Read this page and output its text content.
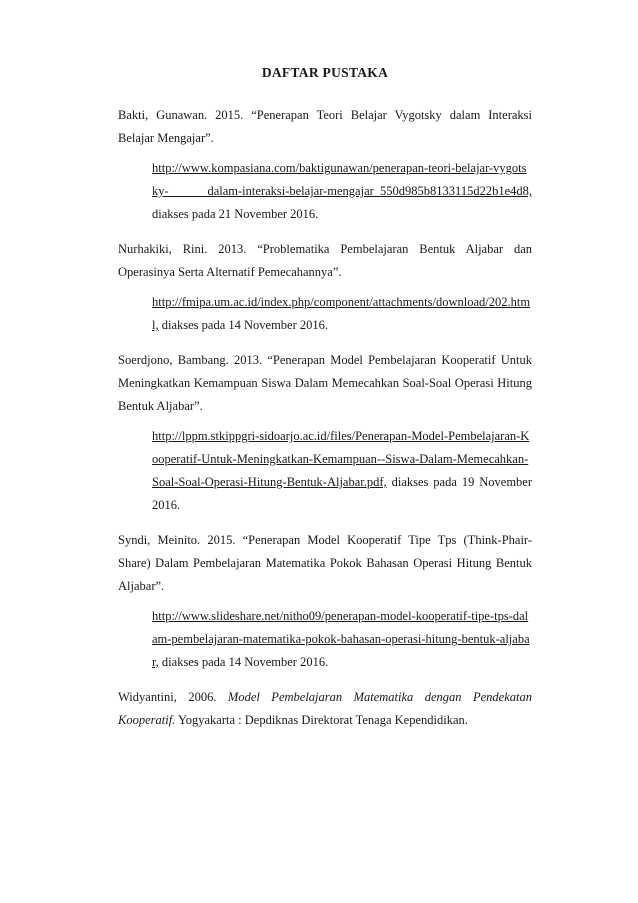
DAFTAR PUSTAKA

Bakti, Gunawan. 2015. “Penerapan Teori Belajar Vygotsky dalam Interaksi Belajar Mengajar”.

http://www.kompasiana.com/baktigunawan/penerapan-teori-belajar-vygotsky- dalam-interaksi-belajar-mengajar_550d985b8133115d22b1e4d8, diakses pada 21 November 2016.

Nurhakiki, Rini. 2013. “Problematika Pembelajaran Bentuk Aljabar dan Operasinya Serta Alternatif Pemecahannya”.

http://fmipa.um.ac.id/index.php/component/attachments/download/202.html, diakses pada 14 November 2016.

Soerdjono, Bambang. 2013. “Penerapan Model Pembelajaran Kooperatif Untuk Meningkatkan Kemampuan Siswa Dalam Memecahkan Soal-Soal Operasi Hitung Bentuk Aljabar”.

http://lppm.stkippgri-sidoarjo.ac.id/files/Penerapan-Model-Pembelajaran-Kooperatif-Untuk-Meningkatkan-Kemampuan--Siswa-Dalam-Memecahkan-Soal-Soal-Operasi-Hitung-Bentuk-Aljabar.pdf, diakses pada 19 November 2016.

Syndi, Meinito. 2015. “Penerapan Model Kooperatif Tipe Tps (Think-Phair-Share) Dalam Pembelajaran Matematika Pokok Bahasan Operasi Hitung Bentuk Aljabar”.

http://www.slideshare.net/nitho09/penerapan-model-kooperatif-tipe-tps-dalam-pembelajaran-matematika-pokok-bahasan-operasi-hitung-bentuk-aljabar, diakses pada 14 November 2016.

Widyantini, 2006. Model Pembelajaran Matematika dengan Pendekatan Kooperatif. Yogyakarta : Depdiknas Direktorat Tenaga Kependidikan.
